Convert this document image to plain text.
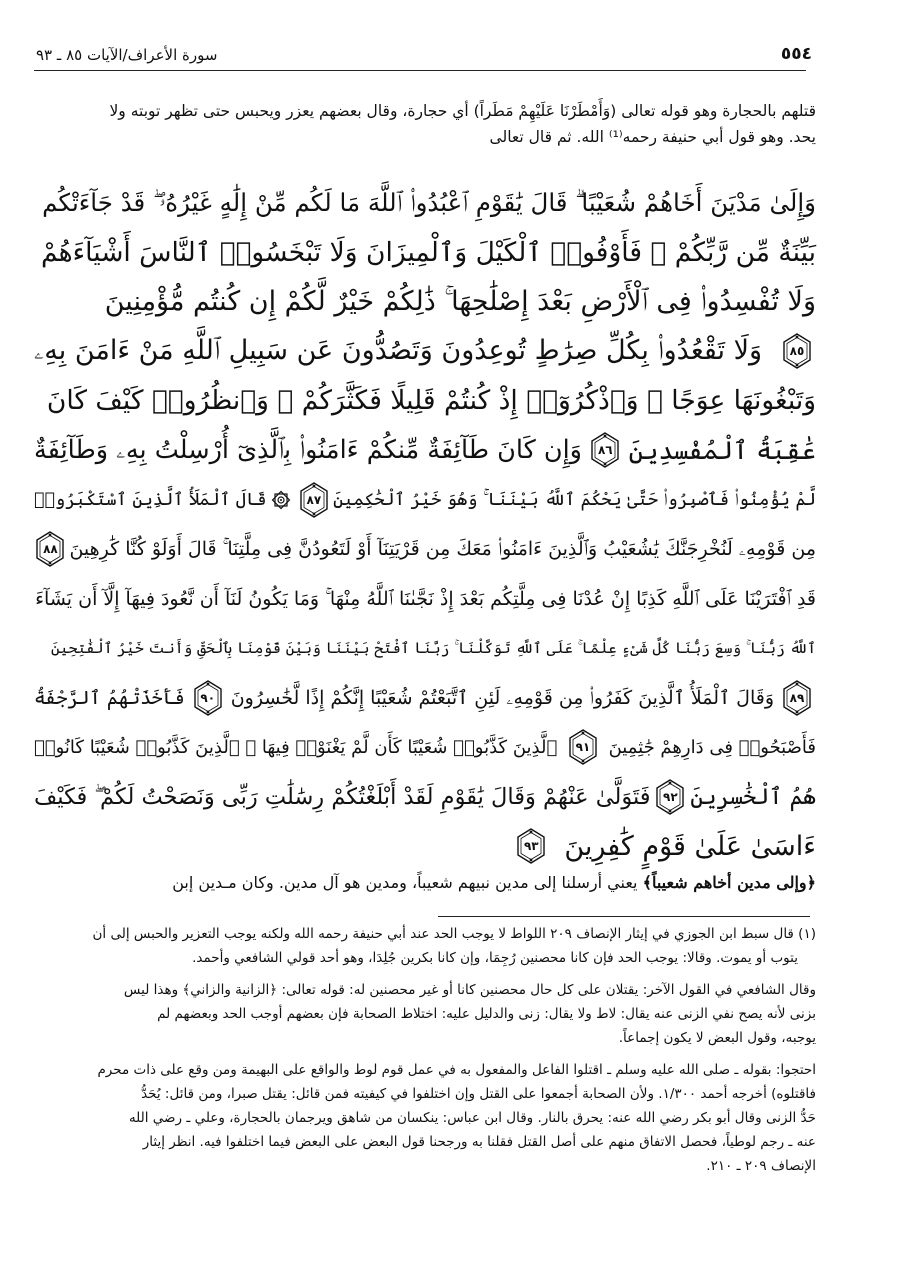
٥٥٤
سورة الأعراف/الآيات ٨٥ ـ ٩٣
قتلهم بالحجارة وهو قوله تعالى (وَأَمْطَرْنَا عَلَيْهِمْ مَطَراً) أي حجارة، وقال بعضهم يعزر ويحبس حتى تظهر توبته ولا
يحد. وهو قول أبي حنيفة رحمه⁽¹⁾ الله. ثم قال تعالى
وَإِلَىٰ مَدْيَنَ أَخَاهُمْ شُعَيْبًا ۗ قَالَ يَٰقَوْمِ ٱعْبُدُوا۟ ٱللَّهَ مَا لَكُم مِّنْ إِلَٰهٍ غَيْرُهُۥ ۖ قَدْ جَآءَتْكُم
بَيِّنَةٌ مِّن رَّبِّكُمْ ۖ فَأَوْفُوا۟ ٱلْكَيْلَ وَٱلْمِيزَانَ وَلَا تَبْخَسُوا۟ ٱلنَّاسَ أَشْيَآءَهُمْ
وَلَا تُفْسِدُوا۟ فِى ٱلْأَرْضِ بَعْدَ إِصْلَٰحِهَا ۚ ذَٰلِكُمْ خَيْرٌ لَّكُمْ إِن كُنتُم مُّؤْمِنِينَ
٨٥
وَلَا تَقْعُدُوا۟ بِكُلِّ صِرَٰطٍ تُوعِدُونَ وَتَصُدُّونَ عَن سَبِيلِ ٱللَّهِ مَنْ ءَامَنَ بِهِۦ
وَتَبْغُونَهَا عِوَجًا ۚ وَٱذْكُرُوٓا۟ إِذْ كُنتُمْ قَلِيلًا فَكَثَّرَكُمْ ۖ وَٱنظُرُوا۟ كَيْفَ كَانَ
عَٰقِبَةُ ٱلْمُفْسِدِينَ
٨٦
وَإِن كَانَ طَآئِفَةٌ مِّنكُمْ ءَامَنُوا۟ بِٱلَّذِىٓ أُرْسِلْتُ بِهِۦ وَطَآئِفَةٌ
لَّمْ يُؤْمِنُوا۟ فَٱصْبِرُوا۟ حَتَّىٰ يَحْكُمَ ٱللَّهُ بَيْنَنَا ۚ وَهُوَ خَيْرُ ٱلْحَٰكِمِينَ
٨٧
قَالَ ٱلْمَلَأُ ٱلَّذِينَ ٱسْتَكْبَرُوا۟
مِن قَوْمِهِۦ لَنُخْرِجَنَّكَ يَٰشُعَيْبُ وَٱلَّذِينَ ءَامَنُوا۟ مَعَكَ مِن قَرْيَتِنَآ أَوْ لَتَعُودُنَّ فِى مِلَّتِنَا ۚ قَالَ أَوَلَوْ كُنَّا كَٰرِهِينَ
٨٨
قَدِ ٱفْتَرَيْنَا عَلَى ٱللَّهِ كَذِبًا إِنْ عُدْنَا فِى مِلَّتِكُم بَعْدَ إِذْ نَجَّىٰنَا ٱللَّهُ مِنْهَا ۚ وَمَا يَكُونُ لَنَآ أَن نَّعُودَ فِيهَآ إِلَّآ أَن يَشَآءَ
ٱللَّهُ رَبُّنَا ۚ وَسِعَ رَبُّنَا كُلَّ شَىْءٍ عِلْمًا ۚ عَلَى ٱللَّهِ تَوَكَّلْنَا ۚ رَبَّنَا ٱفْتَحْ بَيْنَنَا وَبَيْنَ قَوْمِنَا بِٱلْحَقِّ وَأَنتَ خَيْرُ ٱلْفَٰتِحِينَ
٨٩
وَقَالَ ٱلْمَلَأُ ٱلَّذِينَ كَفَرُوا۟ مِن قَوْمِهِۦ لَئِنِ ٱتَّبَعْتُمْ شُعَيْبًا إِنَّكُمْ إِذًا لَّخَٰسِرُونَ
٩٠
فَأَخَذَتْهُمُ ٱلرَّجْفَةُ
فَأَصْبَحُوا۟ فِى دَارِهِمْ جَٰثِمِينَ
٩١
ٱلَّذِينَ كَذَّبُوا۟ شُعَيْبًا كَأَن لَّمْ يَغْنَوْا۟ فِيهَا ۚ ٱلَّذِينَ كَذَّبُوا۟ شُعَيْبًا كَانُوا۟
هُمُ ٱلْخَٰسِرِينَ
٩٢
فَتَوَلَّىٰ عَنْهُمْ وَقَالَ يَٰقَوْمِ لَقَدْ أَبْلَغْتُكُمْ رِسَٰلَٰتِ رَبِّى وَنَصَحْتُ لَكُمْ ۖ فَكَيْفَ
ءَاسَىٰ عَلَىٰ قَوْمٍ كَٰفِرِينَ
٩٣
﴿وإلى مدين أخاهم شعيباً﴾ يعني أرسلنا إلى مدين نبيهم شعيباً، ومدين هو آل مدين. وكان مـدين إبن

(١) قال سبط ابن الجوزي في إيثار الإنصاف ٢٠٩ اللواط لا يوجب الحد عند أبي حنيفة رحمه الله ولكنه يوجب التعزير والحبس إلى أن
يتوب أو يموت. وقالا: يوجب الحد فإن كانا محصنين رُجِمَا، وإن كانا بكرين جُلِدَا، وهو أحد قولي الشافعي وأحمد.

وقال الشافعي في القول الآخر: يقتلان على كل حال محصنين كانا أو غير محصنين له: قوله تعالى: ﴿الزانية والزاني﴾ وهذا ليس
بزنى لأنه يصح نفي الزنى عنه يقال: لاط ولا يقال: زنى والدليل عليه: اختلاط الصحابة فإن بعضهم أوجب الحد وبعضهم لم
يوجبه، وقول البعض لا يكون إجماعاً.

احتجوا: بقوله ـ صلى الله عليه وسلم ـ اقتلوا الفاعل والمفعول به في عمل قوم لوط والواقع على البهيمة ومن وقع على ذات محرم
فاقتلوه) أخرجه أحمد ١/٣٠٠. ولأن الصحابة أجمعوا على القتل وإن اختلفوا في كيفيته فمن قائل: يقتل صبرا، ومن قائل: يُحَدُّ
حَدُّ الزنى وقال أبو بكر رضي الله عنه: يحرق بالنار. وقال ابن عباس: ينكسان من شاهق ويرجمان بالحجارة، وعلي ـ رضي الله
عنه ـ رجم لوطياً، فحصل الاتفاق منهم على أصل القتل فقلنا به ورجحنا قول البعض على البعض فيما اختلفوا فيه. انظر إيثار
الإنصاف ٢٠٩ ـ ٢١٠.
